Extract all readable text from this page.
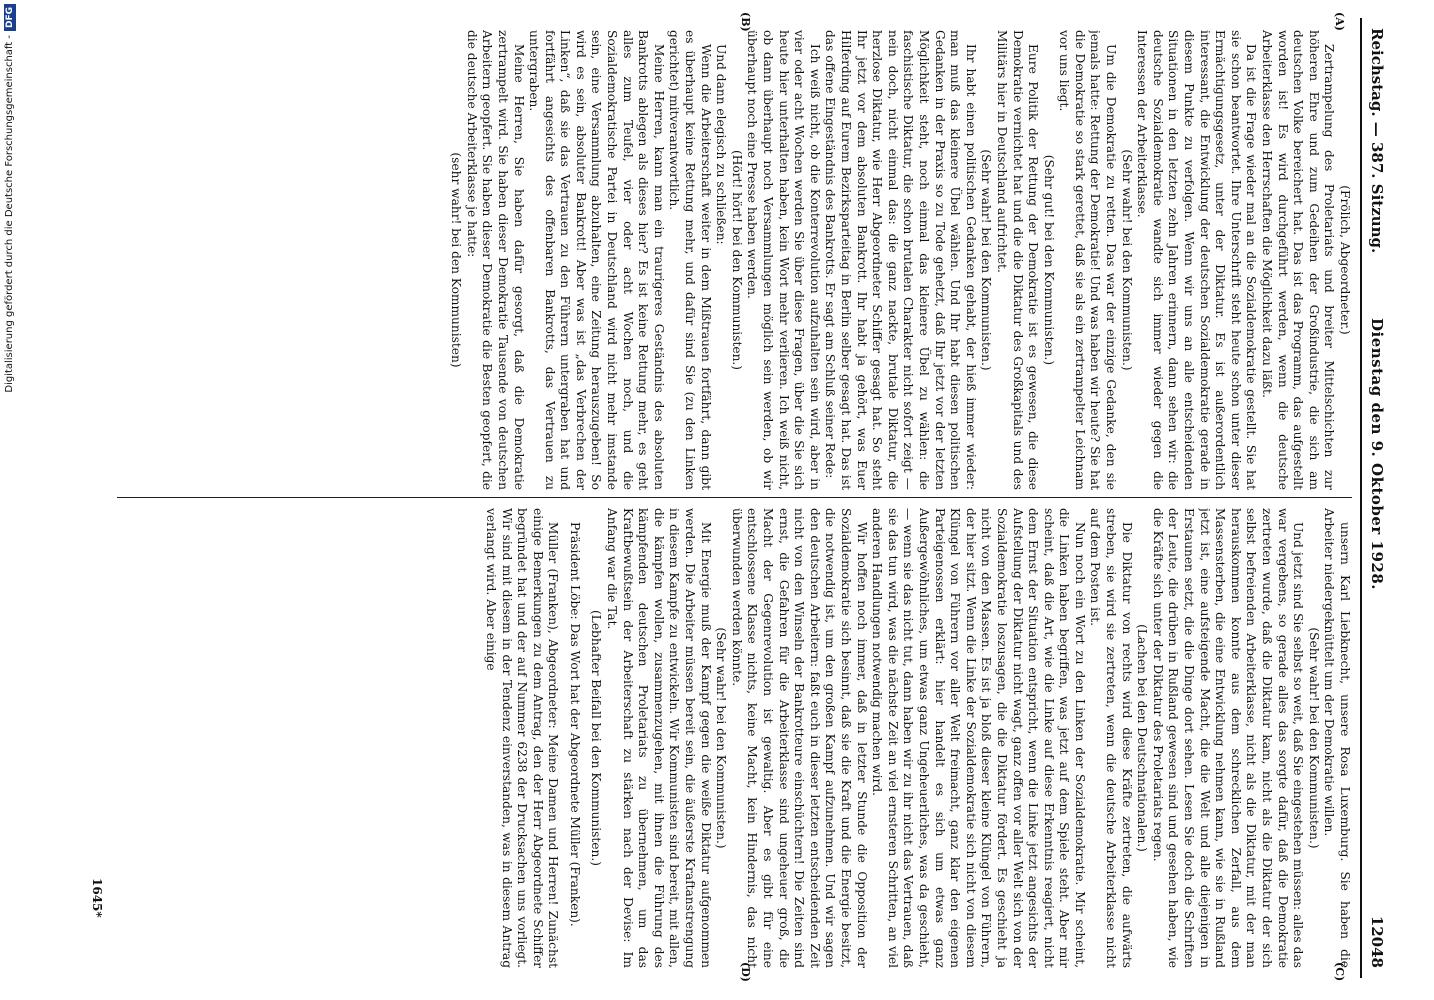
Digitalisierung gefördert durch die Deutsche Forschungsgemeinschaft -DFG
Reichstag. — 387. Sitzung.
Dienstag den 9. Oktober 1928.
12048
(A)
(B)
(C)
(D)

(Frölich, Abgeordneter.)

Zertrampelung des Proletariats und breiter Mittelschichten zur höheren Ehre und zum Gedeihen der Großindustrie, die sich am deutschen Volke bereichert hat. Das ist das Programm, das aufgestellt worden ist! Es wird durchgeführt werden, wenn die deutsche Arbeiterklasse den Herrschaften die Möglichkeit dazu läßt.

Da ist die Frage wieder mal an die Sozialdemokratie gestellt. Sie hat sie schon beantwortet. Ihre Unterschrift steht heute schon unter dieser Ermächtigungsgesetz, unter der Diktatur. Es ist außerordentlich interessant, die Entwicklung der deutschen Sozialdemokratie gerade in diesem Punkte zu verfolgen. Wenn wir uns an alle entscheidenden Situationen in den letzten zehn Jahren erinnern, dann sehen wir: die deutsche Sozialdemokratie wandte sich immer wieder gegen die Interessen der Arbeiterklasse.

(Sehr wahr! bei den Kommunisten.)

Um die Demokratie zu retten. Das war der einzige Gedanke, den sie jemals hatte: Rettung der Demokratie! Und was haben wir heute? Sie hat die Demokratie so stark gerettet, daß sie als ein zertrampelter Leichnam vor uns liegt.

(Sehr gut! bei den Kommunisten.)

Eure Politik der Rettung der Demokratie ist es gewesen, die diese Demokratie vernichtet hat und die die Diktatur des Großkapitals und des Militärs hier in Deutschland aufrichtet.

(Sehr wahr! bei den Kommunisten.)

Ihr habt einen politischen Gedanken gehabt, der hieß immer wieder: man muß das kleinere Übel wählen. Und Ihr habt diesen politischen Gedanken in der Praxis so zu Tode gehetzt, daß Ihr jetzt vor der letzten Möglichkeit steht, noch einmal das kleinere Übel zu wählen: die faschistische Diktatur, die schon brutalen Charakter nicht sofort zeigt — nein doch, nicht einmal das: die ganz nackte, brutale Diktatur, die herzlose Diktatur, wie Herr Abgeordneter Schiffer gesagt hat. So steht Ihr jetzt vor dem absoluten Bankrott. Ihr habt ja gehört, was Euer Hilferding auf Eurem Bezirksparteitag in Berlin selber gesagt hat. Das ist das offene Eingeständnis des Bankrotts. Er sagt am Schluß seiner Rede:

Ich weiß nicht, ob die Konterrevolution aufzuhalten sein wird, aber in vier oder acht Wochen werden Sie über diese Fragen, über die Sie sich heute hier unterhalten haben, kein Wort mehr verlieren. Ich weiß nicht, ob dann überhaupt noch Versammlungen möglich sein werden, ob wir überhaupt noch eine Presse haben werden.

(Hört! hört! bei den Kommunisten.)

Und dann elegisch zu schließen:

Wenn die Arbeiterschaft weiter in dem Mißtrauen fortfährt, dann gibt es überhaupt keine Rettung mehr, und dafür sind Sie (zu den Linken gerichtet) mitverantwortlich.

Meine Herren, kann man ein traurigeres Geständnis des absoluten Bankrotts ablegen als dieses hier? Es ist keine Rettung mehr, es geht alles zum Teufel, vier oder acht Wochen noch, und die Sozialdemokratische Partei in Deutschland wird nicht mehr imstande sein, eine Versammlung abzuhalten, eine Zeitung herauszugeben! So wird es sein, absoluter Bankrott! Aber was ist „das Verbrechen der Linken“, daß sie das Vertrauen zu den Führern untergraben hat und fortfährt angesichts des offenbaren Bankrotts, das Vertrauen zu untergraben.

Meine Herren, Sie haben dafür gesorgt, daß die Demokratie zertrampelt wird. Sie haben dieser Demokratie Tausende von deutschen Arbeitern geopfert. Sie haben dieser Demokratie die Besten geopfert, die die deutsche Arbeiterklasse je hatte:

(sehr wahr! bei den Kommunisten)

unsern Karl Liebknecht, unsere Rosa Luxemburg. Sie haben die Arbeiter niedergeknüttelt um der Demokratie willen.

(Sehr wahr! bei den Kommunisten.)

Und jetzt sind Sie selbst so weit, daß Sie eingestehen müssen: alles das war vergebens, so gerade alles das sorgte dafür, daß die Demokratie zertreten wurde, daß die Diktatur kam, nicht als die Diktatur der sich selbst befreienden Arbeiterklasse, nicht als die Diktatur, mit der man herauskommen konnte aus dem schrecklichen Zerfall, aus dem Massensterben, die eine Entwicklung nehmen kann, wie sie in Rußland jetzt ist, eine aufsteigende Macht, die die Welt und alle diejenigen in Erstaunen setzt, die die Dinge dort sehen. Lesen Sie doch die Schriften der Leute, die drüben in Rußland gewesen sind und gesehen haben, wie die Kräfte sich unter der Diktatur des Proletariats regen.

(Lachen bei den Deutschnationalen.)

Die Diktatur von rechts wird diese Kräfte zertreten, die aufwärts streben, sie wird sie zertreten, wenn die deutsche Arbeiterklasse nicht auf dem Posten ist.

Nun noch ein Wort zu den Linken der Sozialdemokratie. Mir scheint, die Linken haben begriffen, was jetzt auf dem Spiele steht. Aber mir scheint, daß die Art, wie die Linke auf diese Erkenntnis reagiert, nicht dem Ernst der Situation entspricht, wenn die Linke jetzt angesichts der Aufstellung der Diktatur nicht wagt, ganz offen vor aller Welt sich von der Sozialdemokratie loszusagen, die die Diktatur fördert. Es geschieht ja nicht von den Massen. Es ist ja bloß dieser kleine Klüngel von Führern, der hier sitzt. Wenn die Linke der Sozialdemokratie sich nicht von diesem Klüngel von Führern vor aller Welt freimacht, ganz klar den eigenen Parteigenossen erklärt: hier handelt es sich um etwas ganz Außergewöhnliches, um etwas ganz Ungeheuerliches, was da geschieht, — wenn sie das nicht tut, dann haben wir zu ihr nicht das Vertrauen, daß sie das tun wird, was die nächste Zeit an viel ernsteren Schritten, an viel anderen Handlungen notwendig machen wird.

Wir hoffen noch immer, daß in letzter Stunde die Opposition der Sozialdemokratie sich besinnt, daß sie die Kraft und die Energie besitzt, die notwendig ist, um den großen Kampf aufzunehmen. Und wir sagen den deutschen Arbeitern: faßt euch in dieser letzten entscheidenden Zeit nicht von den Winseln der Bankrotteure einschüchtern! Die Zeiten sind ernst, die Gefahren für die Arbeiterklasse sind ungeheuer groß, die Macht der Gegenrevolution ist gewaltig. Aber es gibt für eine entschlossene Klasse nichts, keine Macht, kein Hindernis, das nicht überwunden werden könnte.

(Sehr wahr! bei den Kommunisten.)

Mit Energie muß der Kampf gegen die weiße Diktatur aufgenommen werden. Die Arbeiter müssen bereit sein, die äußerste Kraftanstrengung in diesem Kampfe zu entwickeln. Wir Kommunisten sind bereit, mit allen, die kämpfen wollen, zusammenzugehen, mit ihnen die Führung des kämpfenden deutschen Proletariats zu übernehmen, um das Kraftbewußtsein der Arbeiterschaft zu stärken nach der Devise: Im Anfang war die Tat.

(Lebhafter Beifall bei den Kommunisten.)

Präsident Löbe: Das Wort hat der Abgeordnete Müller (Franken).

Müller (Franken), Abgeordneter: Meine Damen und Herren! Zunächst einige Bemerkungen zu dem Antrag, den der Herr Abgeordnete Schiffer begründet hat und der auf Nummer 6238 der Drucksachen uns vorliegt. Wir sind mit diesem in der Tendenz einverstanden, was in diesem Antrag verlangt wird. Aber einige

1645*
